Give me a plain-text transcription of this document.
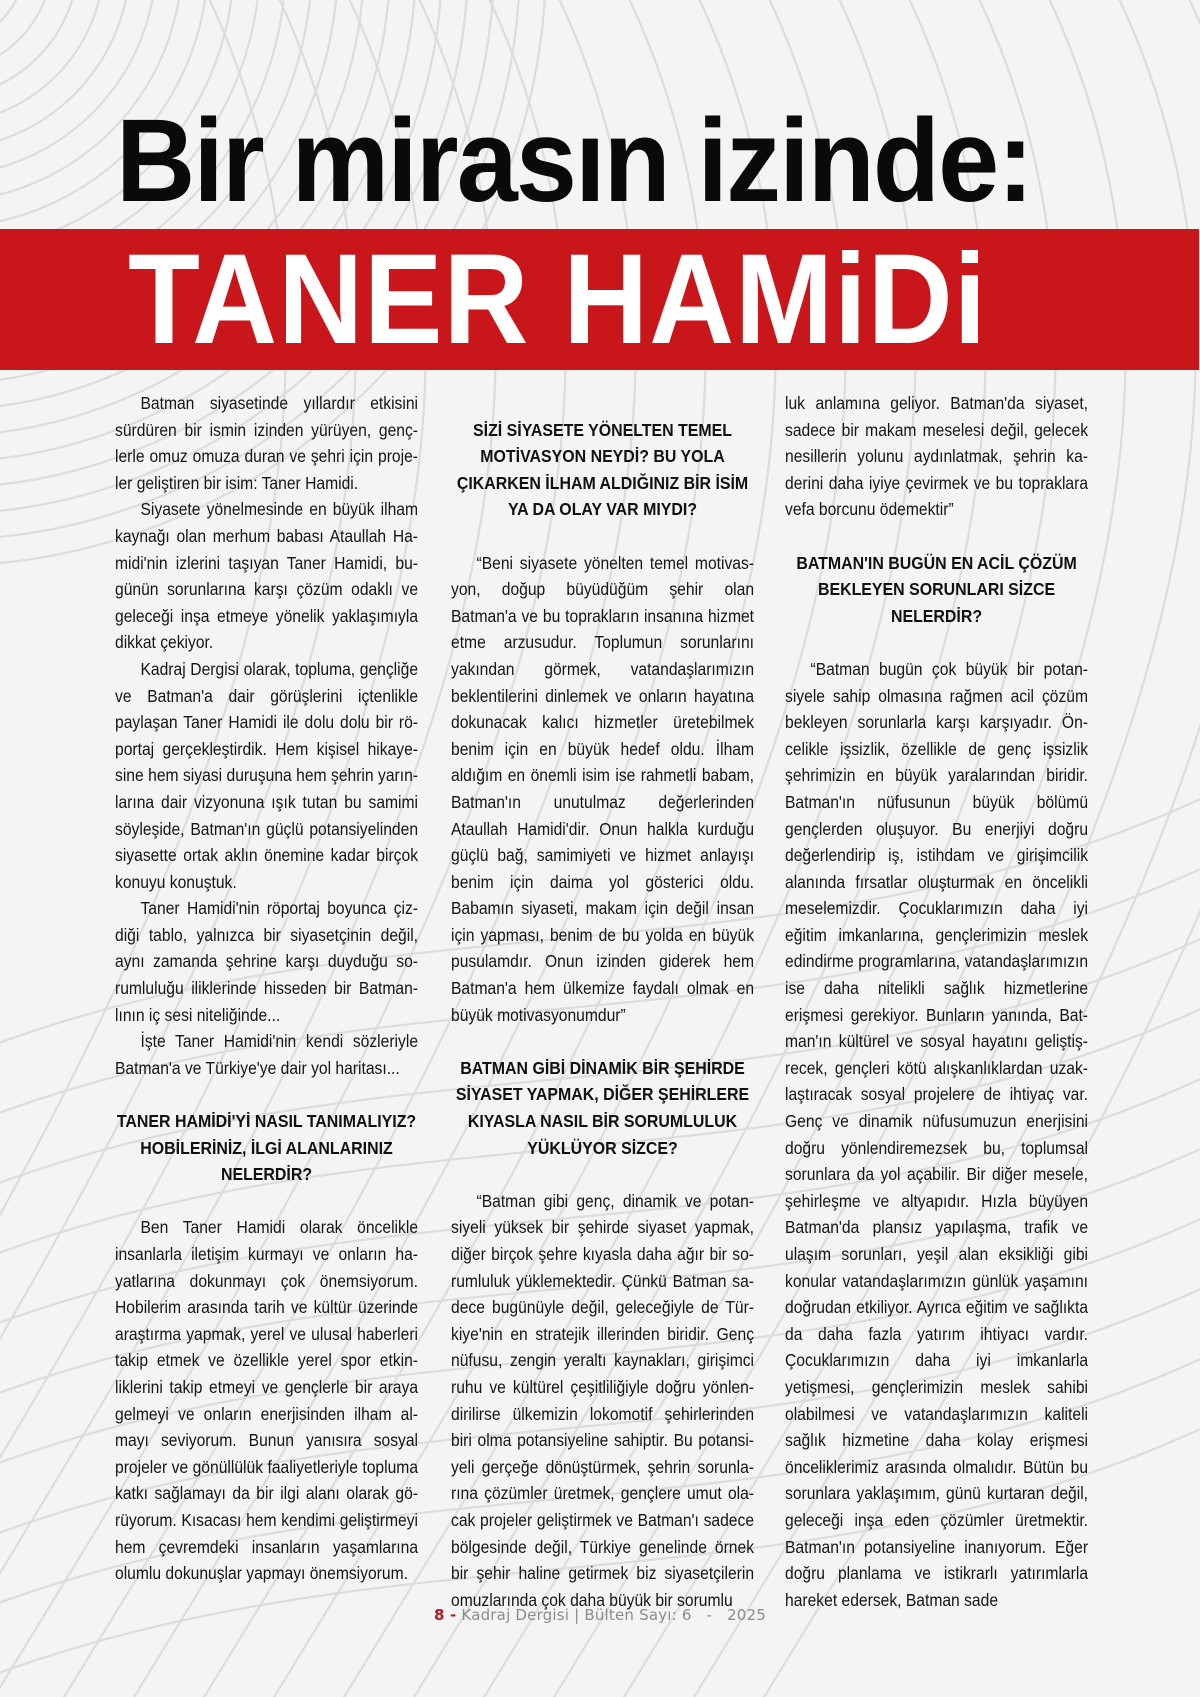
Bir mirasın izinde:
TANER HAMiDi

Batman siyasetinde yıllardır etkisini sürdüren bir ismin izinden yürüyen, gençlerle omuz omuza duran ve şehri için projeler geliştiren bir isim: Taner Hamidi.

Siyasete yönelmesinde en büyük ilham kaynağı olan merhum babası Ataullah Hamidi'nin izlerini taşıyan Taner Hamidi, bugünün sorunlarına karşı çözüm odaklı ve geleceği inşa etmeye yönelik yaklaşımıyla dikkat çekiyor.

Kadraj Dergisi olarak, topluma, gençliğe ve Batman'a dair görüşlerini içtenlikle paylaşan Taner Hamidi ile dolu dolu bir röportaj gerçekleştirdik. Hem kişisel hikayesine hem siyasi duruşuna hem şehrin yarınlarına dair vizyonuna ışık tutan bu samimi söyleşide, Batman'ın güçlü potansiyelinden siyasette ortak aklın önemine kadar birçok konuyu konuştuk.

Taner Hamidi'nin röportaj boyunca çizdiği tablo, yalnızca bir siyasetçinin değil, aynı zamanda şehrine karşı duyduğu sorumluluğu iliklerinde hisseden bir Batmanlının iç sesi niteliğinde...

İşte Taner Hamidi'nin kendi sözleriyle Batman'a ve Türkiye'ye dair yol haritası...

TANER HAMİDİ'Yİ NASIL TANIMALIYIZ? HOBİLERİNİZ, İLGİ ALANLARINIZ NELERDİR?

Ben Taner Hamidi olarak öncelikle insanlarla iletişim kurmayı ve onların hayatlarına dokunmayı çok önemsiyorum. Hobilerim arasında tarih ve kültür üzerinde araştırma yapmak, yerel ve ulusal haberleri takip etmek ve özellikle yerel spor etkinliklerini takip etmeyi ve gençlerle bir araya gelmeyi ve onların enerjisinden ilham almayı seviyorum. Bunun yanısıra sosyal projeler ve gönüllülük faaliyetleriyle topluma katkı sağlamayı da bir ilgi alanı olarak görüyorum. Kısacası hem kendimi geliştirmeyi hem çevremdeki insanların yaşamlarına olumlu dokunuşlar yapmayı önemsiyorum.

SİZİ SİYASETE YÖNELTEN TEMEL MOTİVASYON NEYDİ? BU YOLA ÇIKARKEN İLHAM ALDIĞINIZ BİR İSİM YA DA OLAY VAR MIYDI?

“Beni siyasete yönelten temel motivasyon, doğup büyüdüğüm şehir olan Batman'a ve bu toprakların insanına hizmet etme arzusudur. Toplumun sorunlarını yakından görmek, vatandaşlarımızın beklentilerini dinlemek ve onların hayatına dokunacak kalıcı hizmetler üretebilmek benim için en büyük hedef oldu. İlham aldığım en önemli isim ise rahmetli babam, Batman'ın unutulmaz değerlerinden Ataullah Hamidi'dir. Onun halkla kurduğu güçlü bağ, samimiyeti ve hizmet anlayışı benim için daima yol gösterici oldu. Babamın siyaseti, makam için değil insan için yapması, benim de bu yolda en büyük pusulamdır. Onun izinden giderek hem Batman'a hem ülkemize faydalı olmak en büyük motivasyonumdur”

BATMAN GİBİ DİNAMİK BİR ŞEHİRDE SİYASET YAPMAK, DİĞER ŞEHİRLERE KIYASLA NASIL BİR SORUMLULUK YÜKLÜYOR SİZCE?

“Batman gibi genç, dinamik ve potansiyeli yüksek bir şehirde siyaset yapmak, diğer birçok şehre kıyasla daha ağır bir sorumluluk yüklemektedir. Çünkü Batman sadece bugünüyle değil, geleceğiyle de Türkiye'nin en stratejik illerinden biridir. Genç nüfusu, zengin yeraltı kaynakları, girişimci ruhu ve kültürel çeşitliliğiyle doğru yönlendirilirse ülkemizin lokomotif şehirlerinden biri olma potansiyeline sahiptir. Bu potansiyeli gerçeğe dönüştürmek, şehrin sorunlarına çözümler üretmek, gençlere umut olacak projeler geliştirmek ve Batman'ı sadece bölgesinde değil, Türkiye genelinde örnek bir şehir haline getirmek biz siyasetçilerin omuzlarında çok daha büyük bir sorumlu

luk anlamına geliyor. Batman'da siyaset, sadece bir makam meselesi değil, gelecek nesillerin yolunu aydınlatmak, şehrin kaderini daha iyiye çevirmek ve bu topraklara vefa borcunu ödemektir”

BATMAN'IN BUGÜN EN ACİL ÇÖZÜM BEKLEYEN SORUNLARI SİZCE NELERDİR?

“Batman bugün çok büyük bir potansiyele sahip olmasına rağmen acil çözüm bekleyen sorunlarla karşı karşıyadır. Öncelikle işsizlik, özellikle de genç işsizlik şehrimizin en büyük yaralarından biridir. Batman'ın nüfusunun büyük bölümü gençlerden oluşuyor. Bu enerjiyi doğru değerlendirip iş, istihdam ve girişimcilik alanında fırsatlar oluşturmak en öncelikli meselemizdir. Çocuklarımızın daha iyi eğitim imkanlarına, gençlerimizin meslek edindirme programlarına, vatandaşlarımızın ise daha nitelikli sağlık hizmetlerine erişmesi gerekiyor. Bunların yanında, Batman'ın kültürel ve sosyal hayatını geliştişrecek, gençleri kötü alışkanlıklardan uzaklaştıracak sosyal projelere de ihtiyaç var. Genç ve dinamik nüfusumuzun enerjisini doğru yönlendiremezsek bu, toplumsal sorunlara da yol açabilir. Bir diğer mesele, şehirleşme ve altyapıdır. Hızla büyüyen Batman'da plansız yapılaşma, trafik ve ulaşım sorunları, yeşil alan eksikliği gibi konular vatandaşlarımızın günlük yaşamını doğrudan etkiliyor. Ayrıca eğitim ve sağlıkta da daha fazla yatırım ihtiyacı vardır. Çocuklarımızın daha iyi imkanlarla yetişmesi, gençlerimizin meslek sahibi olabilmesi ve vatandaşlarımızın kaliteli sağlık hizmetine daha kolay erişmesi önceliklerimiz arasında olmalıdır. Bütün bu sorunlara yaklaşımım, günü kurtaran değil, geleceği inşa eden çözümler üretmektir. Batman'ın potansiyeline inanıyorum. Eğer doğru planlama ve istikrarlı yatırımlarla hareket edersek, Batman sade

8 - Kadraj Dergisi | Bülten Sayı: 6 - 2025
